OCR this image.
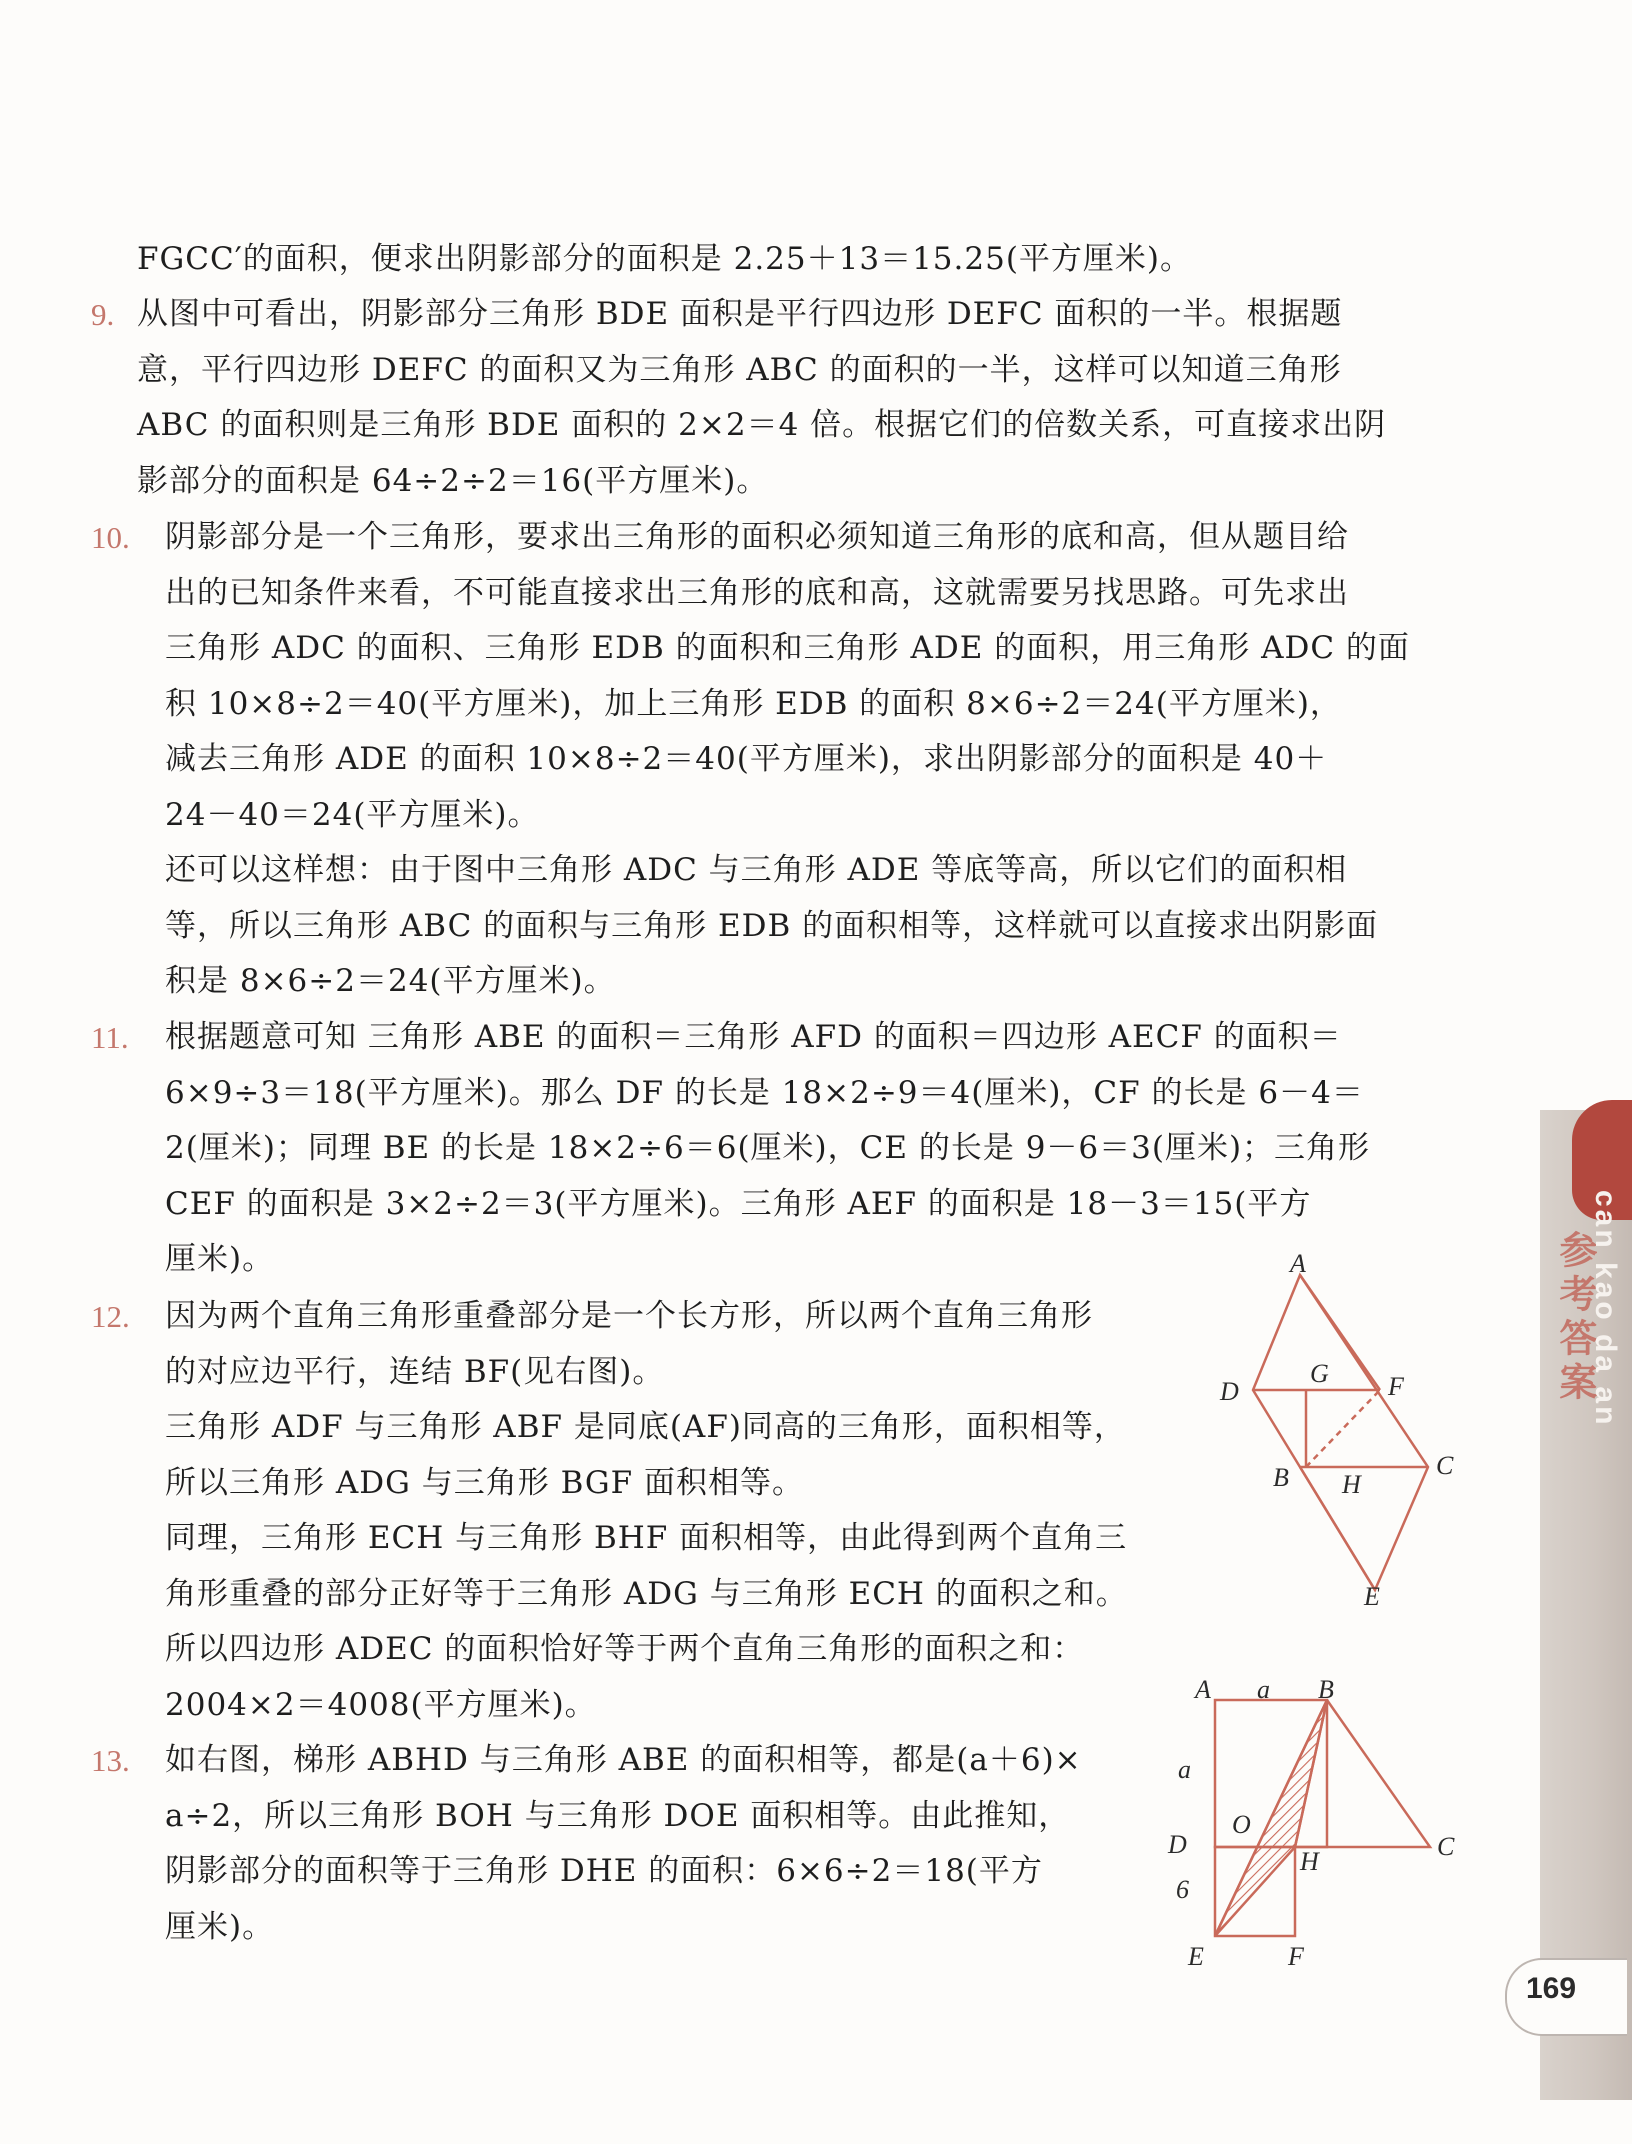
FGCC′的面积，便求出阴影部分的面积是 2.25＋13＝15.25(平方厘米)。
9. 从图中可看出，阴影部分三角形 BDE 面积是平行四边形 DEFC 面积的一半。根据题
意，平行四边形 DEFC 的面积又为三角形 ABC 的面积的一半，这样可以知道三角形
ABC 的面积则是三角形 BDE 面积的 2×2＝4 倍。根据它们的倍数关系，可直接求出阴
影部分的面积是 64÷2÷2＝16(平方厘米)。
10. 阴影部分是一个三角形，要求出三角形的面积必须知道三角形的底和高，但从题目给
出的已知条件来看，不可能直接求出三角形的底和高，这就需要另找思路。可先求出
三角形 ADC 的面积、三角形 EDB 的面积和三角形 ADE 的面积，用三角形 ADC 的面
积 10×8÷2＝40(平方厘米)，加上三角形 EDB 的面积 8×6÷2＝24(平方厘米)，
减去三角形 ADE 的面积 10×8÷2＝40(平方厘米)，求出阴影部分的面积是 40＋
24－40＝24(平方厘米)。
还可以这样想：由于图中三角形 ADC 与三角形 ADE 等底等高，所以它们的面积相
等，所以三角形 ABC 的面积与三角形 EDB 的面积相等，这样就可以直接求出阴影面
积是 8×6÷2＝24(平方厘米)。
11. 根据题意可知 三角形 ABE 的面积＝三角形 AFD 的面积＝四边形 AECF 的面积＝
6×9÷3＝18(平方厘米)。那么 DF 的长是 18×2÷9＝4(厘米)，CF 的长是 6－4＝
2(厘米)；同理 BE 的长是 18×2÷6＝6(厘米)，CE 的长是 9－6＝3(厘米)；三角形
CEF 的面积是 3×2÷2＝3(平方厘米)。三角形 AEF 的面积是 18－3＝15(平方
厘米)。
12. 因为两个直角三角形重叠部分是一个长方形，所以两个直角三角形
的对应边平行，连结 BF(见右图)。
三角形 ADF 与三角形 ABF 是同底(AF)同高的三角形，面积相等，
所以三角形 ADG 与三角形 BGF 面积相等。
同理，三角形 ECH 与三角形 BHF 面积相等，由此得到两个直角三
角形重叠的部分正好等于三角形 ADG 与三角形 ECH 的面积之和。
所以四边形 ADEC 的面积恰好等于两个直角三角形的面积之和：
2004×2＝4008(平方厘米)。
13. 如右图，梯形 ABHD 与三角形 ABE 的面积相等，都是(a＋6)×
a÷2，所以三角形 BOH 与三角形 DOE 面积相等。由此推知，
阴影部分的面积等于三角形 DHE 的面积：6×6÷2＝18(平方
厘米)。
A
D
G F
B H
C
E
A a B
a
O
D
H
C
6
E	F
参考答案
can kao da an
169
